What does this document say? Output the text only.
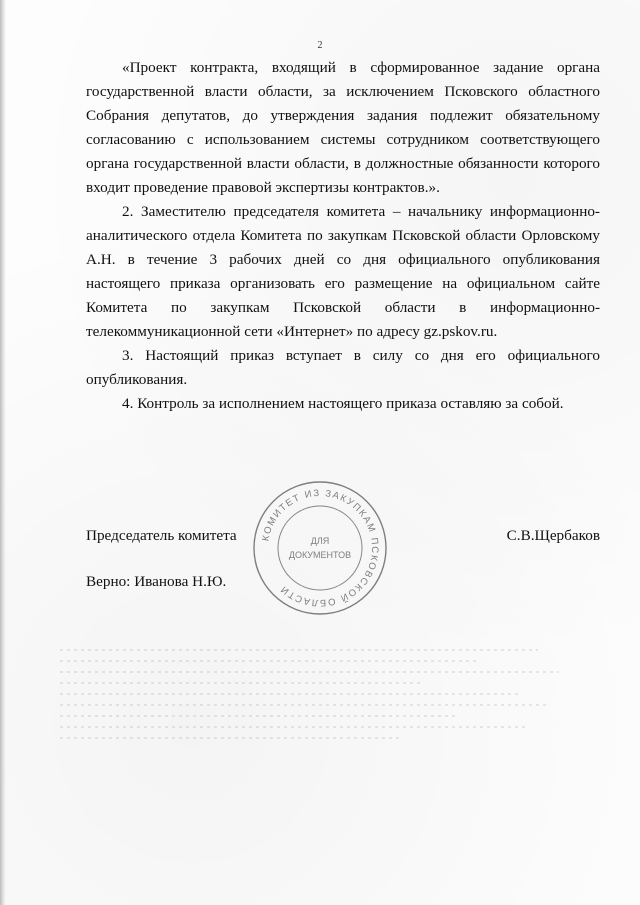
2

«Проект контракта, входящий в сформированное задание органа государственной власти области, за исключением Псковского областного Собрания депутатов, до утверждения задания подлежит обязательному согласованию с использованием системы сотрудником соответствующего органа государственной власти области, в должностные обязанности которого входит проведение правовой экспертизы контрактов.».

2. Заместителю председателя комитета – начальнику информационно-аналитического отдела Комитета по закупкам Псковской области Орловскому А.Н. в течение 3 рабочих дней со дня официального опубликования настоящего приказа организовать его размещение на официальном сайте Комитета по закупкам Псковской области в информационно-телекоммуникационной сети «Интернет» по адресу gz.pskov.ru.

3. Настоящий приказ вступает в силу со дня его официального опубликования.

4. Контроль за исполнением настоящего приказа оставляю за собой.

Председатель комитета	С.В.Щербаков
Верно: Иванова Н.Ю.
КОМИТЕТ ИЗ ЗАКУПКАМ ПСКОВСКОЙ ОБЛАСТИ
ДЛЯ
ДОКУМЕНТОВ
